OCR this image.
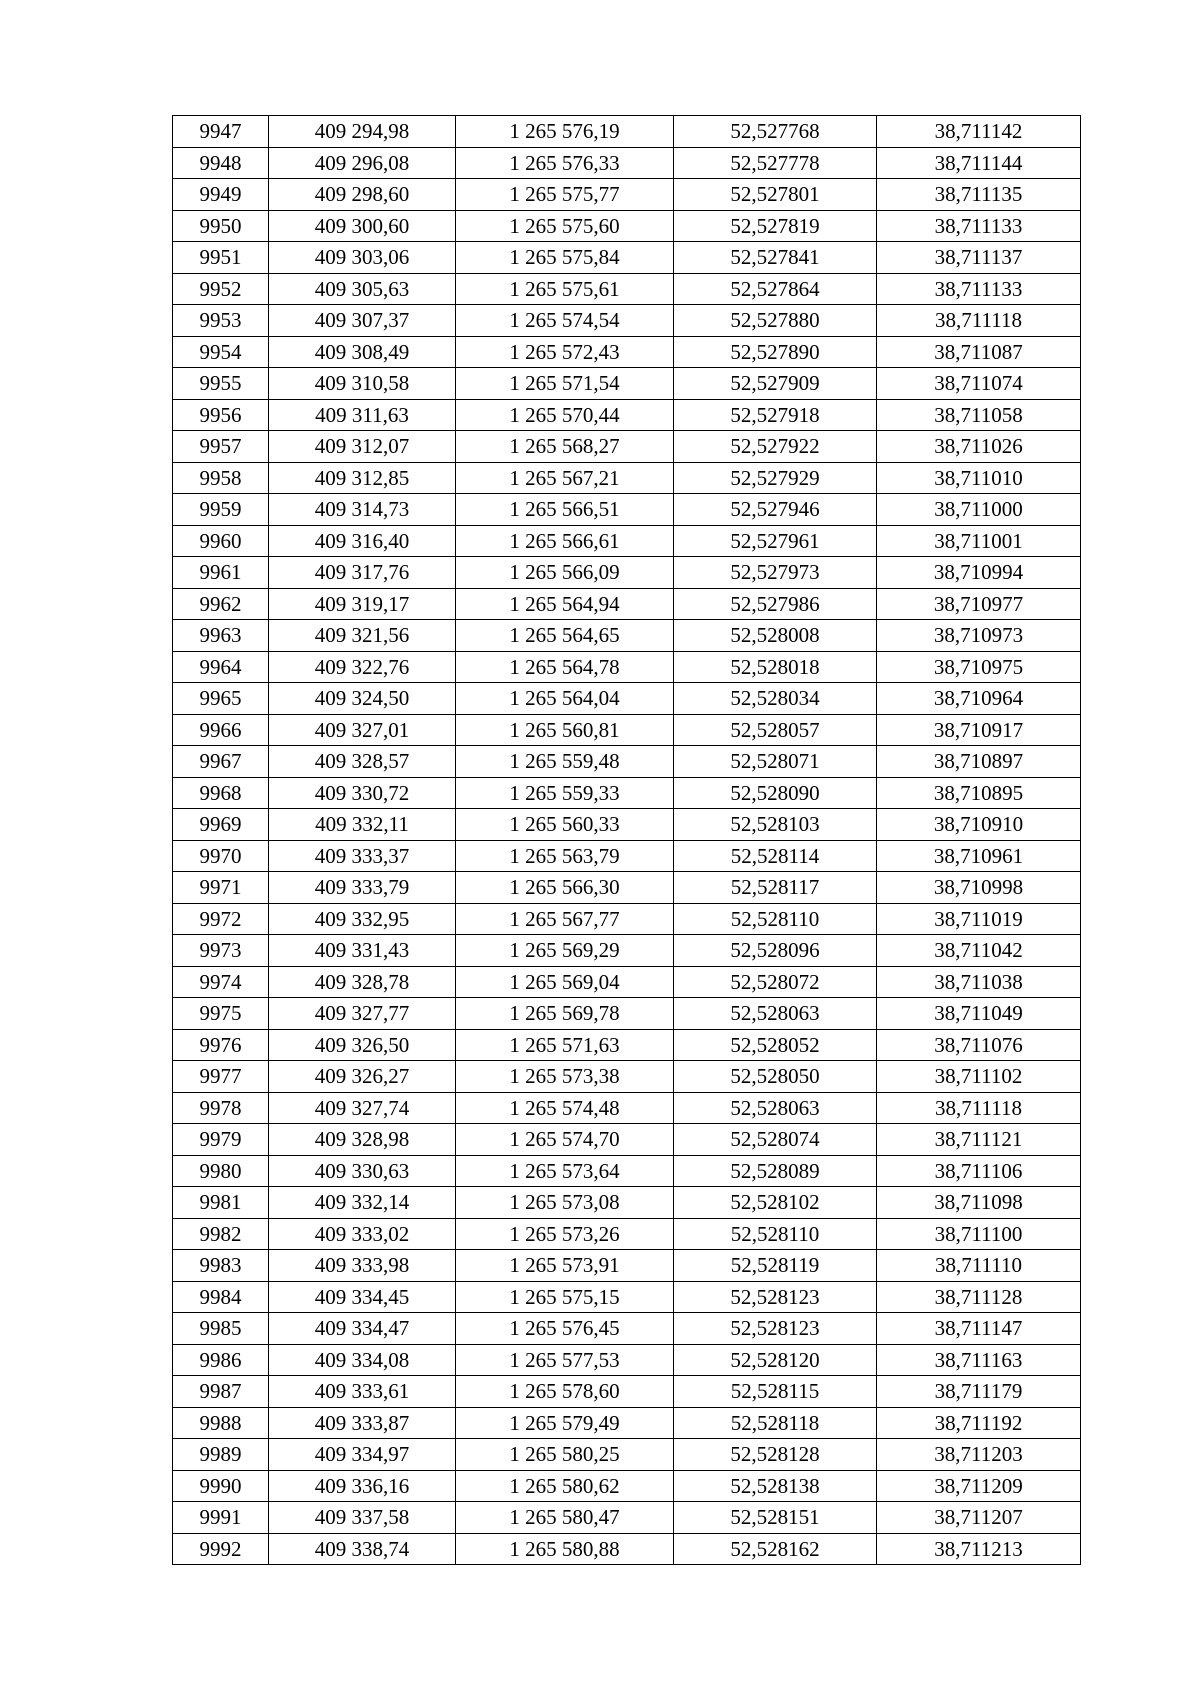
9947	409 294,98	1 265 576,19	52,527768	38,711142
9948	409 296,08	1 265 576,33	52,527778	38,711144
9949	409 298,60	1 265 575,77	52,527801	38,711135
9950	409 300,60	1 265 575,60	52,527819	38,711133
9951	409 303,06	1 265 575,84	52,527841	38,711137
9952	409 305,63	1 265 575,61	52,527864	38,711133
9953	409 307,37	1 265 574,54	52,527880	38,711118
9954	409 308,49	1 265 572,43	52,527890	38,711087
9955	409 310,58	1 265 571,54	52,527909	38,711074
9956	409 311,63	1 265 570,44	52,527918	38,711058
9957	409 312,07	1 265 568,27	52,527922	38,711026
9958	409 312,85	1 265 567,21	52,527929	38,711010
9959	409 314,73	1 265 566,51	52,527946	38,711000
9960	409 316,40	1 265 566,61	52,527961	38,711001
9961	409 317,76	1 265 566,09	52,527973	38,710994
9962	409 319,17	1 265 564,94	52,527986	38,710977
9963	409 321,56	1 265 564,65	52,528008	38,710973
9964	409 322,76	1 265 564,78	52,528018	38,710975
9965	409 324,50	1 265 564,04	52,528034	38,710964
9966	409 327,01	1 265 560,81	52,528057	38,710917
9967	409 328,57	1 265 559,48	52,528071	38,710897
9968	409 330,72	1 265 559,33	52,528090	38,710895
9969	409 332,11	1 265 560,33	52,528103	38,710910
9970	409 333,37	1 265 563,79	52,528114	38,710961
9971	409 333,79	1 265 566,30	52,528117	38,710998
9972	409 332,95	1 265 567,77	52,528110	38,711019
9973	409 331,43	1 265 569,29	52,528096	38,711042
9974	409 328,78	1 265 569,04	52,528072	38,711038
9975	409 327,77	1 265 569,78	52,528063	38,711049
9976	409 326,50	1 265 571,63	52,528052	38,711076
9977	409 326,27	1 265 573,38	52,528050	38,711102
9978	409 327,74	1 265 574,48	52,528063	38,711118
9979	409 328,98	1 265 574,70	52,528074	38,711121
9980	409 330,63	1 265 573,64	52,528089	38,711106
9981	409 332,14	1 265 573,08	52,528102	38,711098
9982	409 333,02	1 265 573,26	52,528110	38,711100
9983	409 333,98	1 265 573,91	52,528119	38,711110
9984	409 334,45	1 265 575,15	52,528123	38,711128
9985	409 334,47	1 265 576,45	52,528123	38,711147
9986	409 334,08	1 265 577,53	52,528120	38,711163
9987	409 333,61	1 265 578,60	52,528115	38,711179
9988	409 333,87	1 265 579,49	52,528118	38,711192
9989	409 334,97	1 265 580,25	52,528128	38,711203
9990	409 336,16	1 265 580,62	52,528138	38,711209
9991	409 337,58	1 265 580,47	52,528151	38,711207
9992	409 338,74	1 265 580,88	52,528162	38,711213
